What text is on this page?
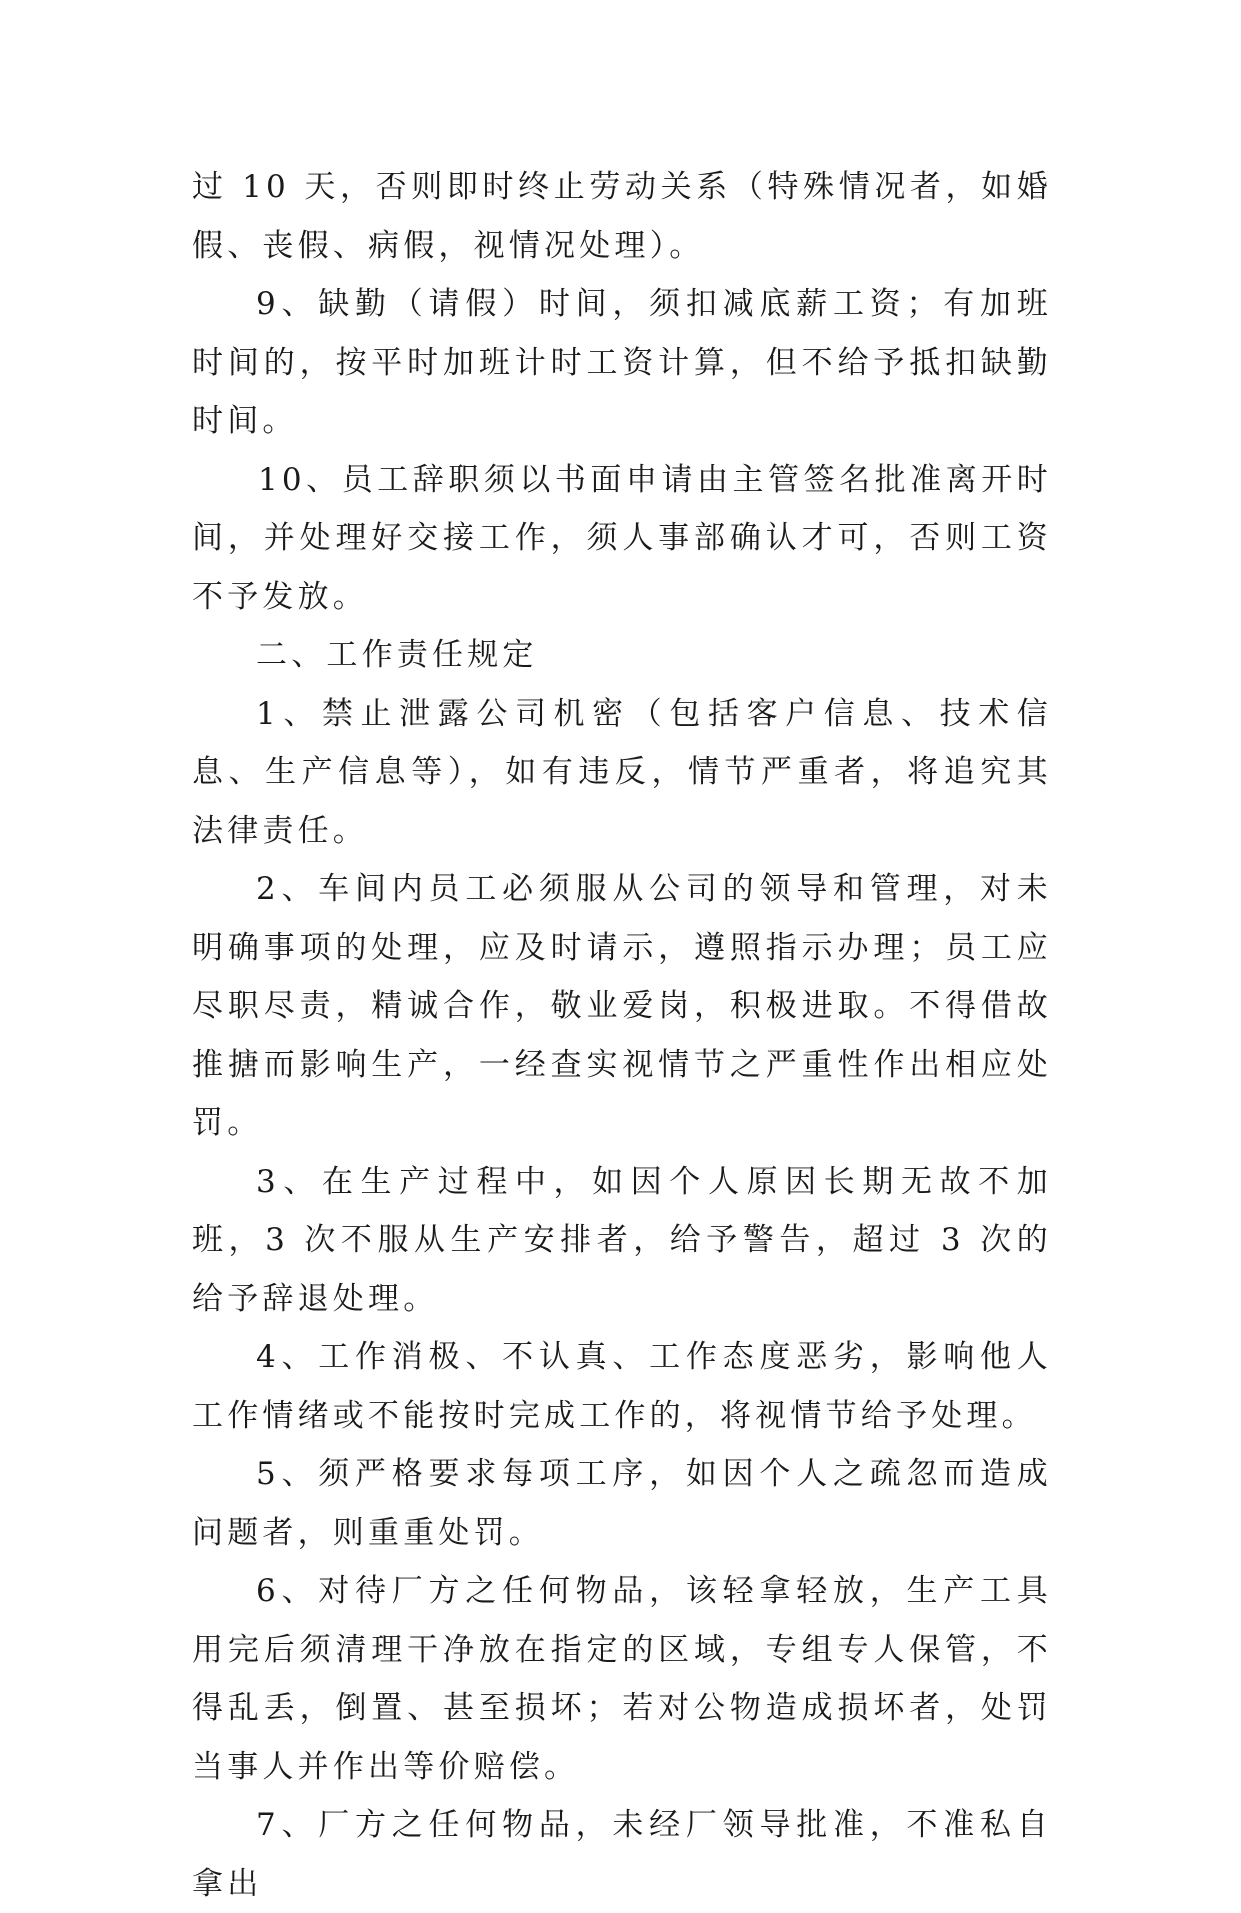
过 10 天，否则即时终止劳动关系（特殊情况者，如婚假、丧假、病假，视情况处理）。

9、缺勤（请假）时间，须扣减底薪工资；有加班时间的，按平时加班计时工资计算，但不给予抵扣缺勤时间。

10、员工辞职须以书面申请由主管签名批准离开时间，并处理好交接工作，须人事部确认才可，否则工资不予发放。

二、工作责任规定

1、禁止泄露公司机密（包括客户信息、技术信息、生产信息等），如有违反，情节严重者，将追究其法律责任。

2、车间内员工必须服从公司的领导和管理，对未明确事项的处理，应及时请示，遵照指示办理；员工应尽职尽责，精诚合作，敬业爱岗，积极进取。不得借故推搪而影响生产，一经查实视情节之严重性作出相应处罚。

3、在生产过程中，如因个人原因长期无故不加班，3 次不服从生产安排者，给予警告，超过 3 次的给予辞退处理。

4、工作消极、不认真、工作态度恶劣，影响他人工作情绪或不能按时完成工作的，将视情节给予处理。

5、须严格要求每项工序，如因个人之疏忽而造成问题者，则重重处罚。

6、对待厂方之任何物品，该轻拿轻放，生产工具用完后须清理干净放在指定的区域，专组专人保管，不得乱丢，倒置、甚至损坏；若对公物造成损坏者，处罚当事人并作出等价赔偿。

7、厂方之任何物品，未经厂领导批准，不准私自拿出
